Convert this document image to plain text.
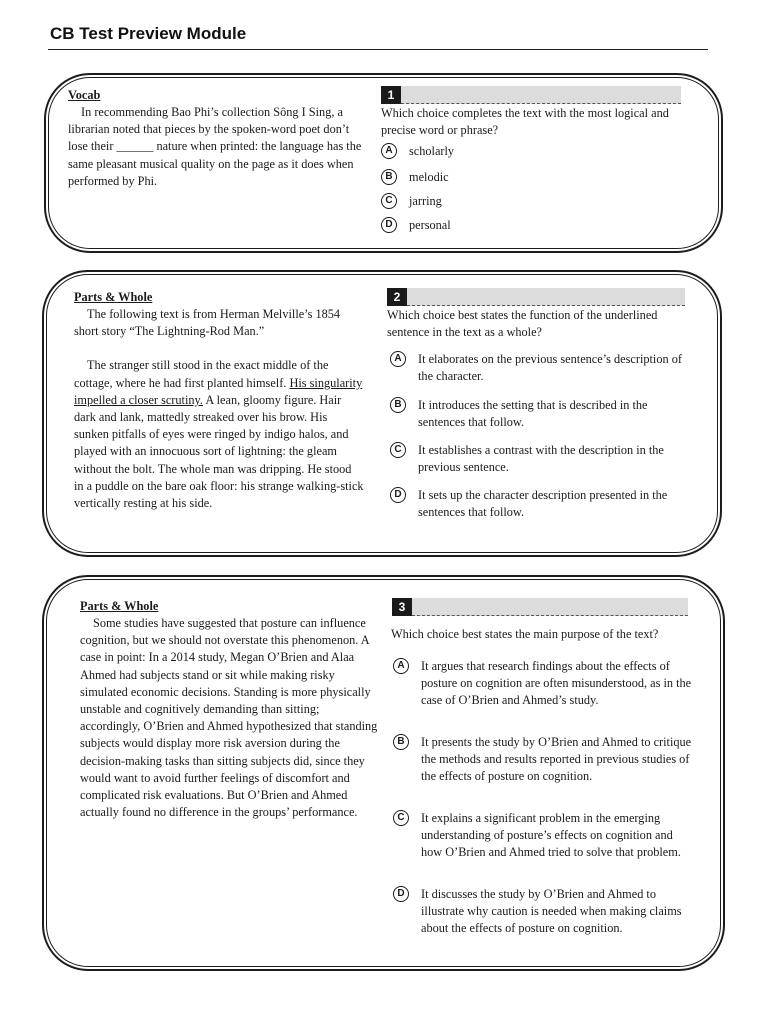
CB Test Preview Module
Vocab

In recommending Bao Phi’s collection Sông I Sing, a librarian noted that pieces by the spoken-word poet don’t lose their ______ nature when printed: the language has the same pleasant musical quality on the page as it does when performed by Phi.

1
Which choice completes the text with the most logical and precise word or phrase?
A	scholarly
B	melodic
C	jarring
D	personal
Parts & Whole

The following text is from Herman Melville’s 1854 short story “The Lightning-Rod Man.”

The stranger still stood in the exact middle of the cottage, where he had first planted himself. His singularity impelled a closer scrutiny. A lean, gloomy figure. Hair dark and lank, mattedly streaked over his brow. His sunken pitfalls of eyes were ringed by indigo halos, and played with an innocuous sort of lightning: the gleam without the bolt. The whole man was dripping. He stood in a puddle on the bare oak floor: his strange walking-stick vertically resting at his side.

2
Which choice best states the function of the underlined sentence in the text as a whole?
A	It elaborates on the previous sentence’s description of the character.
B	It introduces the setting that is described in the sentences that follow.
C	It establishes a contrast with the description in the previous sentence.
D	It sets up the character description presented in the sentences that follow.
Parts & Whole

Some studies have suggested that posture can influence cognition, but we should not overstate this phenomenon. A case in point: In a 2014 study, Megan O’Brien and Alaa Ahmed had subjects stand or sit while making risky simulated economic decisions. Standing is more physically unstable and cognitively demanding than sitting; accordingly, O’Brien and Ahmed hypothesized that standing subjects would display more risk aversion during the decision-making tasks than sitting subjects did, since they would want to avoid further feelings of discomfort and complicated risk evaluations. But O’Brien and Ahmed actually found no difference in the groups’ performance.

3
Which choice best states the main purpose of the text?
A	It argues that research findings about the effects of posture on cognition are often misunderstood, as in the case of O’Brien and Ahmed’s study.
B	It presents the study by O’Brien and Ahmed to critique the methods and results reported in previous studies of the effects of posture on cognition.
C	It explains a significant problem in the emerging understanding of posture’s effects on cognition and how O’Brien and Ahmed tried to solve that problem.
D	It discusses the study by O’Brien and Ahmed to illustrate why caution is needed when making claims about the effects of posture on cognition.
